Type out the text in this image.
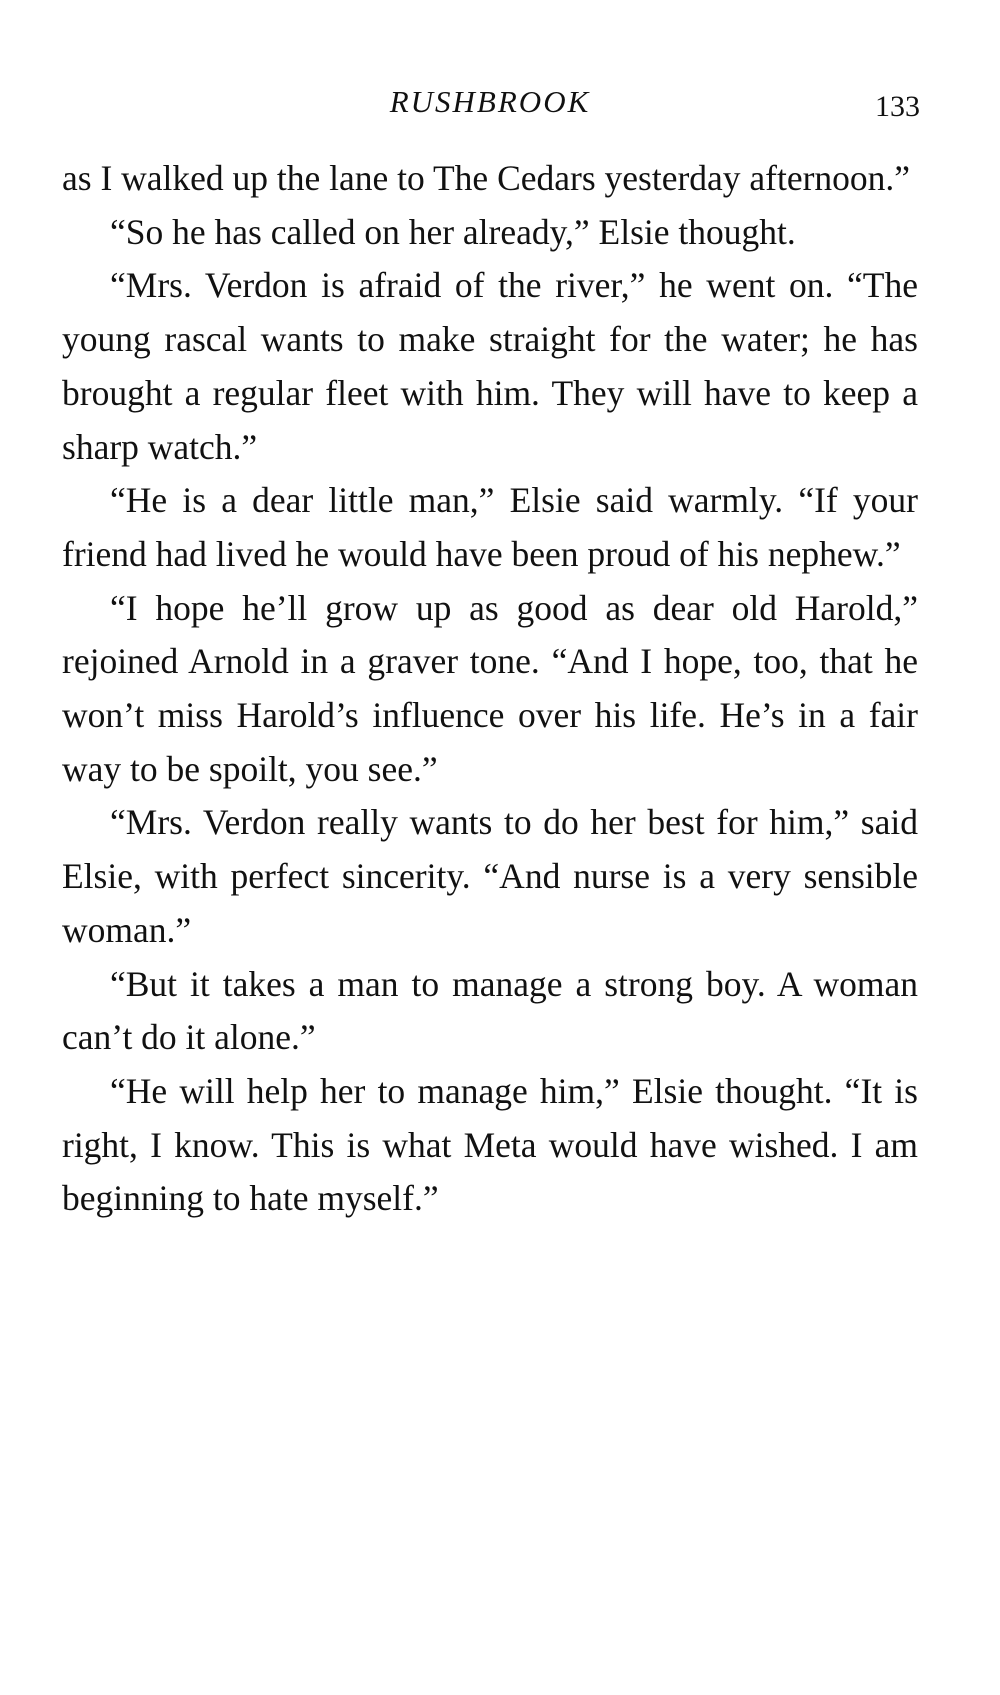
RUSHBROOK	133

as I walked up the lane to The Cedars yesterday afternoon.”

“So he has called on her already,” Elsie thought.

“Mrs. Verdon is afraid of the river,” he went on. “The young rascal wants to make straight for the water; he has brought a regular fleet with him. They will have to keep a sharp watch.”

“He is a dear little man,” Elsie said warmly. “If your friend had lived he would have been proud of his nephew.”

“I hope he’ll grow up as good as dear old Harold,” rejoined Arnold in a graver tone. “And I hope, too, that he won’t miss Harold’s influence over his life. He’s in a fair way to be spoilt, you see.”

“Mrs. Verdon really wants to do her best for him,” said Elsie, with perfect sincerity. “And nurse is a very sensible woman.”

“But it takes a man to manage a strong boy. A woman can’t do it alone.”

“He will help her to manage him,” Elsie thought. “It is right, I know. This is what Meta would have wished. I am beginning to hate myself.”
